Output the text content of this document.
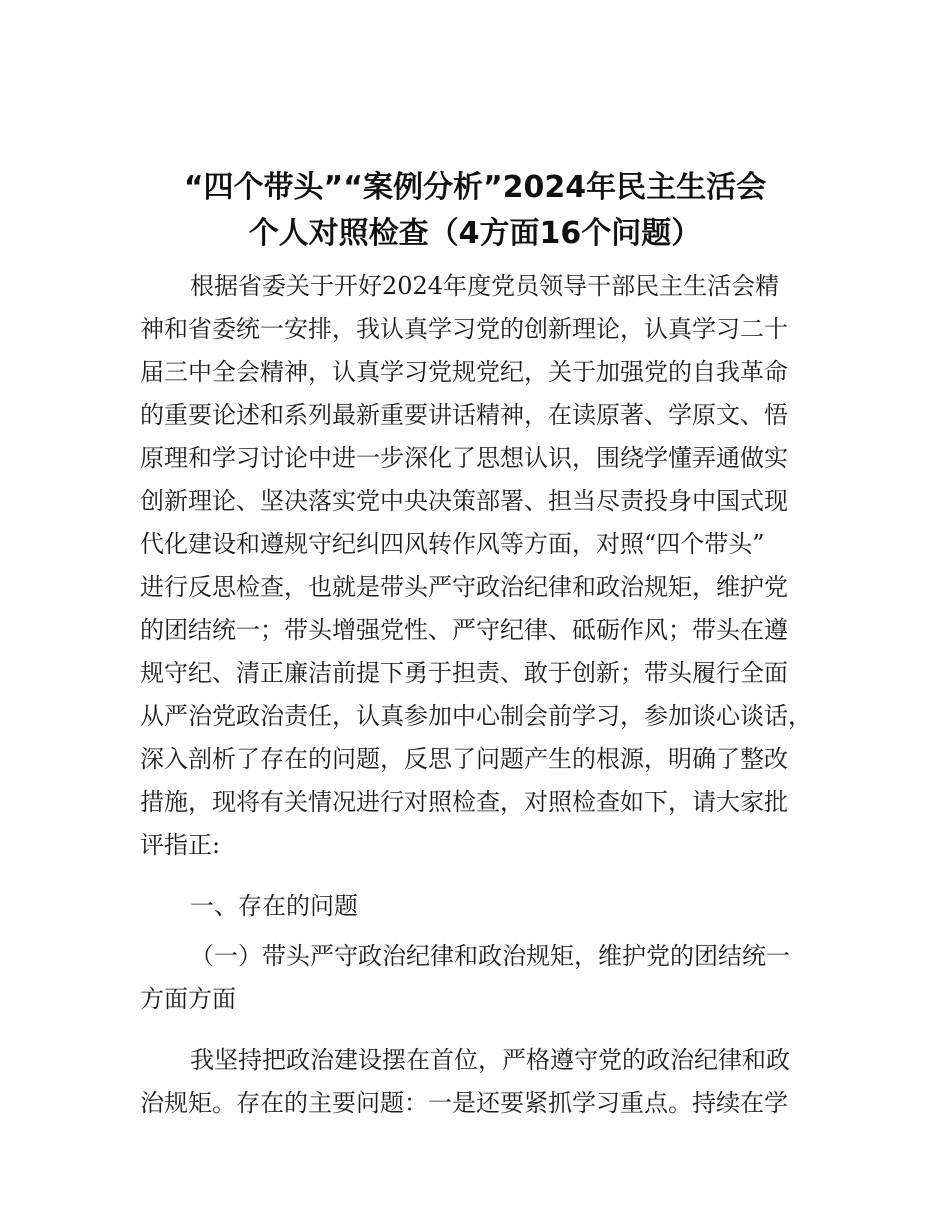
“四个带头”“案例分析”2024年民主生活会
个人对照检查（4方面16个问题）
根据省委关于开好2024年度党员领导干部民主生活会精
神和省委统一安排，我认真学习党的创新理论，认真学习二十
届三中全会精神，认真学习党规党纪，关于加强党的自我革命
的重要论述和系列最新重要讲话精神，在读原著、学原文、悟
原理和学习讨论中进一步深化了思想认识，围绕学懂弄通做实
创新理论、坚决落实党中央决策部署、担当尽责投身中国式现
代化建设和遵规守纪纠四风转作风等方面，对照“四个带头”
进行反思检查，也就是带头严守政治纪律和政治规矩，维护党
的团结统一；带头增强党性、严守纪律、砥砺作风；带头在遵
规守纪、清正廉洁前提下勇于担责、敢于创新；带头履行全面
从严治党政治责任，认真参加中心制会前学习，参加谈心谈话，
深入剖析了存在的问题，反思了问题产生的根源，明确了整改
措施，现将有关情况进行对照检查，对照检查如下，请大家批
评指正:
一、存在的问题
（一）带头严守政治纪律和政治规矩，维护党的团结统一
方面方面
我坚持把政治建设摆在首位，严格遵守党的政治纪律和政
治规矩。存在的主要问题：一是还要紧抓学习重点。持续在学
